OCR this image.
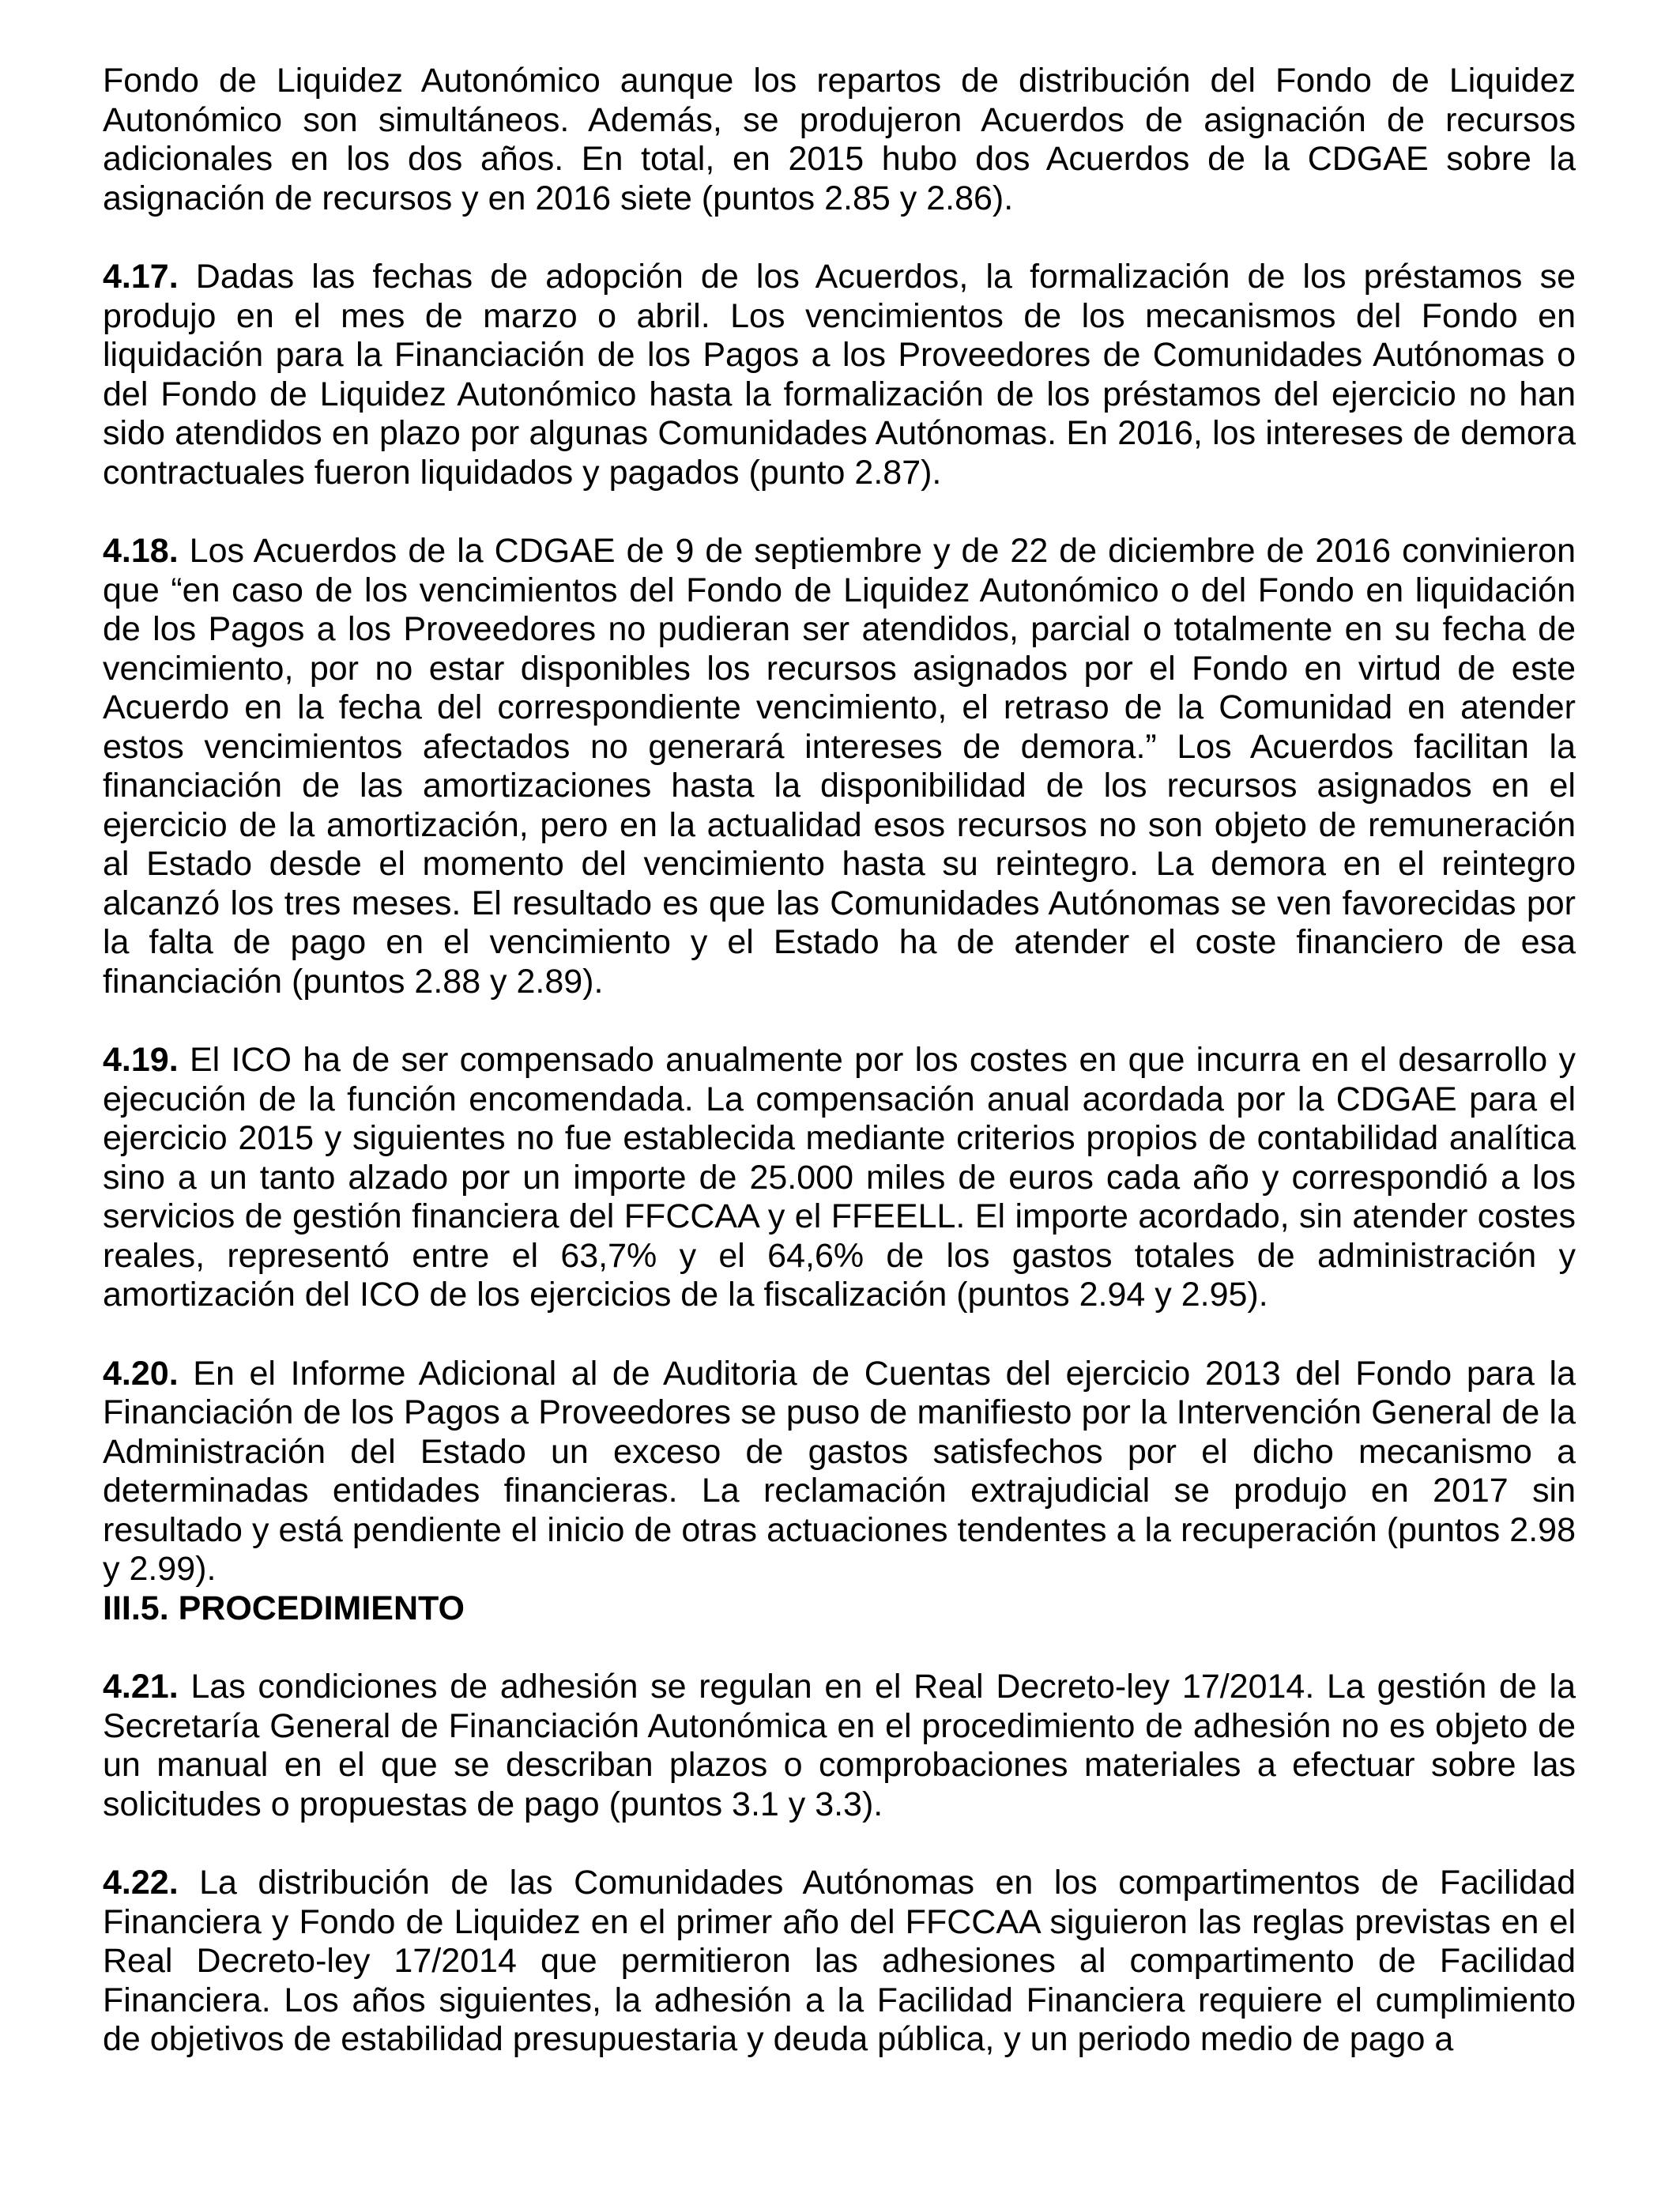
Fondo de Liquidez Autonómico aunque los repartos de distribución del Fondo de Liquidez Autonómico son simultáneos. Además, se produjeron Acuerdos de asignación de recursos adicionales en los dos años. En total, en 2015 hubo dos Acuerdos de la CDGAE sobre la asignación de recursos y en 2016 siete (puntos 2.85 y 2.86).

4.17. Dadas las fechas de adopción de los Acuerdos, la formalización de los préstamos se produjo en el mes de marzo o abril. Los vencimientos de los mecanismos del Fondo en liquidación para la Financiación de los Pagos a los Proveedores de Comunidades Autónomas o del Fondo de Liquidez Autonómico hasta la formalización de los préstamos del ejercicio no han sido atendidos en plazo por algunas Comunidades Autónomas. En 2016, los intereses de demora contractuales fueron liquidados y pagados (punto 2.87).

4.18. Los Acuerdos de la CDGAE de 9 de septiembre y de 22 de diciembre de 2016 convinieron que “en caso de los vencimientos del Fondo de Liquidez Autonómico o del Fondo en liquidación de los Pagos a los Proveedores no pudieran ser atendidos, parcial o totalmente en su fecha de vencimiento, por no estar disponibles los recursos asignados por el Fondo en virtud de este Acuerdo en la fecha del correspondiente vencimiento, el retraso de la Comunidad en atender estos vencimientos afectados no generará intereses de demora.” Los Acuerdos facilitan la financiación de las amortizaciones hasta la disponibilidad de los recursos asignados en el ejercicio de la amortización, pero en la actualidad esos recursos no son objeto de remuneración al Estado desde el momento del vencimiento hasta su reintegro. La demora en el reintegro alcanzó los tres meses. El resultado es que las Comunidades Autónomas se ven favorecidas por la falta de pago en el vencimiento y el Estado ha de atender el coste financiero de esa financiación (puntos 2.88 y 2.89).

4.19. El ICO ha de ser compensado anualmente por los costes en que incurra en el desarrollo y ejecución de la función encomendada. La compensación anual acordada por la CDGAE para el ejercicio 2015 y siguientes no fue establecida mediante criterios propios de contabilidad analítica sino a un tanto alzado por un importe de 25.000 miles de euros cada año y correspondió a los servicios de gestión financiera del FFCCAA y el FFEELL. El importe acordado, sin atender costes reales, representó entre el 63,7% y el 64,6% de los gastos totales de administración y amortización del ICO de los ejercicios de la fiscalización (puntos 2.94 y 2.95).

4.20. En el Informe Adicional al de Auditoria de Cuentas del ejercicio 2013 del Fondo para la Financiación de los Pagos a Proveedores se puso de manifiesto por la Intervención General de la Administración del Estado un exceso de gastos satisfechos por el dicho mecanismo a determinadas entidades financieras. La reclamación extrajudicial se produjo en 2017 sin resultado y está pendiente el inicio de otras actuaciones tendentes a la recuperación (puntos 2.98 y 2.99).

III.5. PROCEDIMIENTO

4.21. Las condiciones de adhesión se regulan en el Real Decreto-ley 17/2014. La gestión de la Secretaría General de Financiación Autonómica en el procedimiento de adhesión no es objeto de un manual en el que se describan plazos o comprobaciones materiales a efectuar sobre las solicitudes o propuestas de pago (puntos 3.1 y 3.3).

4.22. La distribución de las Comunidades Autónomas en los compartimentos de Facilidad Financiera y Fondo de Liquidez en el primer año del FFCCAA siguieron las reglas previstas en el Real Decreto-ley 17/2014 que permitieron las adhesiones al compartimento de Facilidad Financiera. Los años siguientes, la adhesión a la Facilidad Financiera requiere el cumplimiento de objetivos de estabilidad presupuestaria y deuda pública, y un periodo medio de pago a
